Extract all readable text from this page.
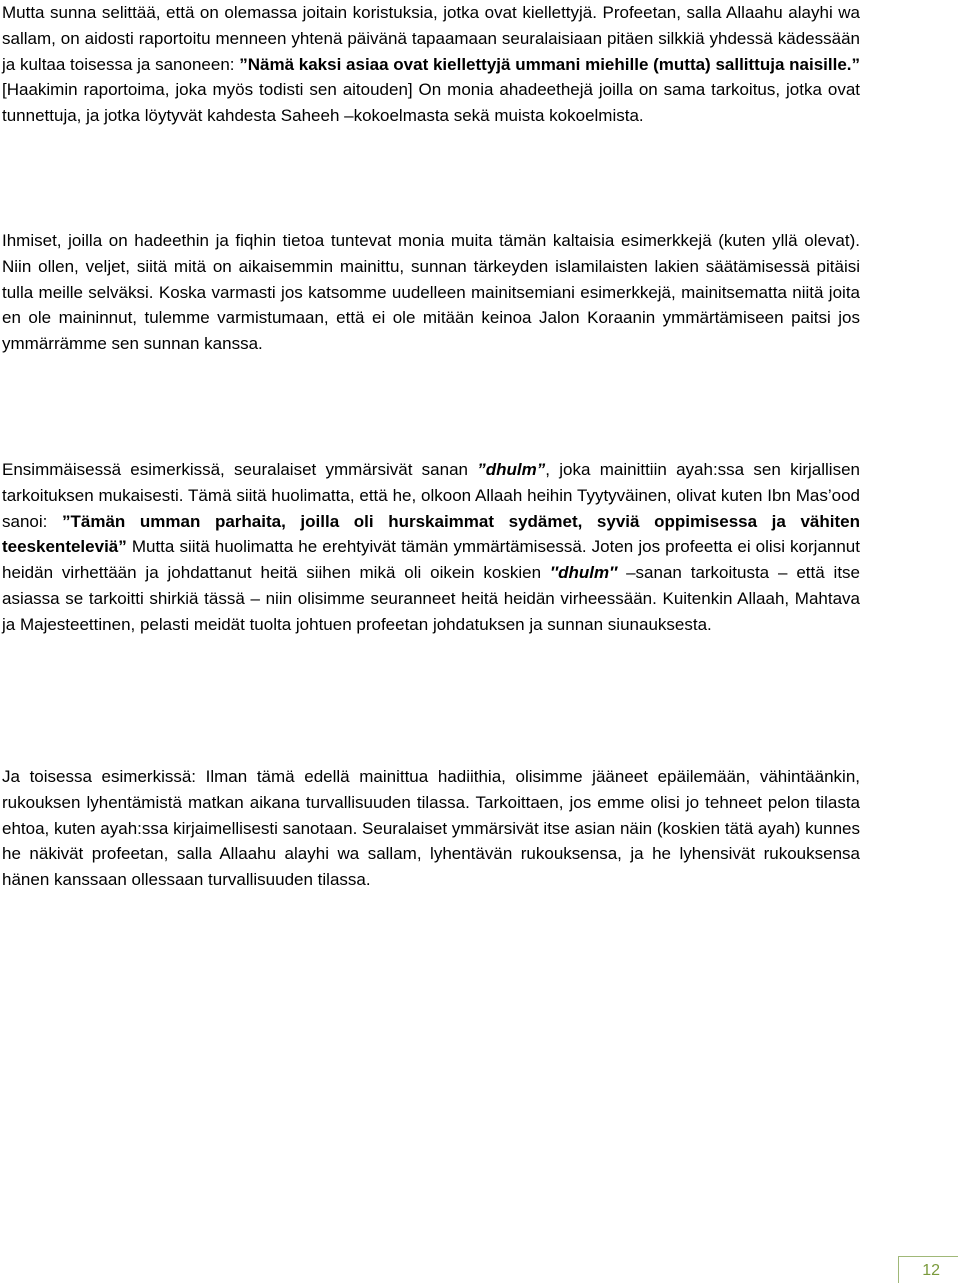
Mutta sunna selittää, että on olemassa joitain koristuksia, jotka ovat kiellettyjä. Profeetan, salla Allaahu alayhi wa sallam, on aidosti raportoitu menneen yhtenä päivänä tapaamaan seuralaisiaan pitäen silkkiä yhdessä kädessään ja kultaa toisessa ja sanoneen: ”Nämä kaksi asiaa ovat kiellettyjä ummani miehille (mutta) sallittuja naisille.” [Haakimin raportoima, joka myös todisti sen aitouden] On monia ahadeethejä joilla on sama tarkoitus, jotka ovat tunnettuja, ja jotka löytyvät kahdesta Saheeh –kokoelmasta sekä muista kokoelmista.

Ihmiset, joilla on hadeethin ja fiqhin tietoa tuntevat monia muita tämän kaltaisia esimerkkejä (kuten yllä olevat). Niin ollen, veljet, siitä mitä on aikaisemmin mainittu, sunnan tärkeyden islamilaisten lakien säätämisessä pitäisi tulla meille selväksi. Koska varmasti jos katsomme uudelleen mainitsemiani esimerkkejä, mainitsematta niitä joita en ole maininnut, tulemme varmistumaan, että ei ole mitään keinoa Jalon Koraanin ymmärtämiseen paitsi jos ymmärrämme sen sunnan kanssa.

Ensimmäisessä esimerkissä, seuralaiset ymmärsivät sanan ”dhulm”, joka mainittiin ayah:ssa sen kirjallisen tarkoituksen mukaisesti. Tämä siitä huolimatta, että he, olkoon Allaah heihin Tyytyväinen, olivat kuten Ibn Mas’ood sanoi: ”Tämän umman parhaita, joilla oli hurskaimmat sydämet, syviä oppimisessa ja vähiten teeskenteleviä” Mutta siitä huolimatta he erehtyivät tämän ymmärtämisessä. Joten jos profeetta ei olisi korjannut heidän virhettään ja johdattanut heitä siihen mikä oli oikein koskien ″dhulm″ –sanan tarkoitusta – että itse asiassa se tarkoitti shirkiä tässä – niin olisimme seuranneet heitä heidän virheessään. Kuitenkin Allaah, Mahtava ja Majesteettinen, pelasti meidät tuolta johtuen profeetan johdatuksen ja sunnan siunauksesta.

Ja toisessa esimerkissä: Ilman tämä edellä mainittua hadiithia, olisimme jääneet epäilemään, vähintäänkin, rukouksen lyhentämistä matkan aikana turvallisuuden tilassa. Tarkoittaen, jos emme olisi jo tehneet pelon tilasta ehtoa, kuten ayah:ssa kirjaimellisesti sanotaan. Seuralaiset ymmärsivät itse asian näin (koskien tätä ayah) kunnes he näkivät profeetan, salla Allaahu alayhi wa sallam, lyhentävän rukouksensa, ja he lyhensivät rukouksensa hänen kanssaan ollessaan turvallisuuden tilassa.

12
